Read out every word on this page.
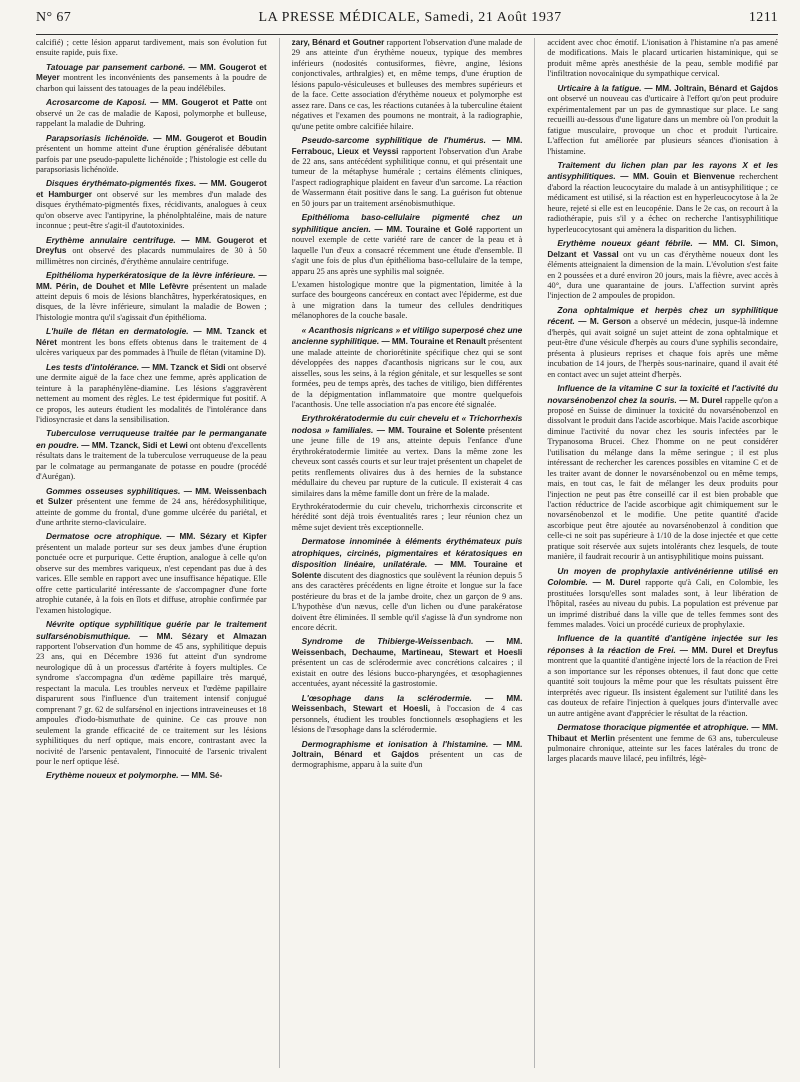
N° 67	LA PRESSE MÉDICALE, Samedi, 21 Août 1937	1211

calcifié) ; cette lésion apparut tardivement, mais son évolution fut ensuite rapide, puis fixe.

Tatouage par pansement carboné. — MM. Gougerot et Meyer montrent les inconvénients des pansements à la poudre de charbon qui laissent des tatouages de la peau indélébiles.

Acrosarcome de Kaposi. — MM. Gougerot et Patte ont observé un 2e cas de maladie de Kaposi, polymorphe et bulleuse, rappelant la maladie de Duhring.

Parapsoriasis lichénoïde. — MM. Gougerot et Boudin présentent un homme atteint d'une éruption généralisée débutant parfois par une pseudo-papulette lichénoïde ; l'histologie est celle du parapsoriasis lichénoïde.

Disques érythémato-pigmentés fixes. — MM. Gougerot et Hamburger ont observé sur les membres d'un malade des disques érythémato-pigmentés fixes, récidivants, analogues à ceux qu'on observe avec l'antipyrine, la phénolphtaléine, mais de nature inconnue ; peut-être s'agit-il d'autotoxinides.

Erythème annulaire centrifuge. — MM. Gougerot et Dreyfus ont observé des placards nummulaires de 30 à 50 millimètres non circinés, d'érythème annulaire centrifuge.

Epithélioma hyperkératosique de la lèvre inférieure. — MM. Périn, de Douhet et Mlle Lefèvre présentent un malade atteint depuis 6 mois de lésions blanchâtres, hyperkératosiques, en disques, de la lèvre inférieure, simulant la maladie de Bowen ; l'histologie montra qu'il s'agissait d'un épithélioma.

L'huile de flétan en dermatologie. — MM. Tzanck et Néret montrent les bons effets obtenus dans le traitement de 4 ulcères variqueux par des pommades à l'huile de flétan (vitamine D).

Les tests d'intolérance. — MM. Tzanck et Sidi ont observé une dermite aiguë de la face chez une femme, après application de teinture à la paraphénylène-diamine. Les lésions s'aggravèrent nettement au moment des règles. Le test épidermique fut positif. A ce propos, les auteurs étudient les modalités de l'intolérance dans l'idiosyncrasie et dans la sensibilisation.

Tuberculose verruqueuse traitée par le permanganate en poudre. — MM. Tzanck, Sidi et Lewi ont obtenu d'excellents résultats dans le traitement de la tuberculose verruqueuse de la peau par le colmatage au permanganate de potasse en poudre (procédé d'Aurégan).

Gommes osseuses syphilitiques. — MM. Weissenbach et Sulzer présentent une femme de 24 ans, hérédosyphilitique, atteinte de gomme du frontal, d'une gomme ulcérée du pariétal, et d'une arthrite sterno-claviculaire.

Dermatose ocre atrophique. — MM. Sézary et Kipfer présentent un malade porteur sur ses deux jambes d'une éruption ponctuée ocre et purpurique. Cette éruption, analogue à celle qu'on observe sur des membres variqueux, n'est cependant pas due à des varices. Elle semble en rapport avec une insuffisance hépatique. Elle offre cette particularité intéressante de s'accompagner d'une forte atrophie cutanée, à la fois en îlots et diffuse, atrophie confirmée par l'examen histologique.

Névrite optique syphilitique guérie par le traitement sulfarsénobismuthique. — MM. Sézary et Almazan rapportent l'observation d'un homme de 45 ans, syphilitique depuis 23 ans, qui en Décembre 1936 fut atteint d'un syndrome neurologique dû à un processus d'artérite à foyers multiples. Ce syndrome s'accompagna d'un œdème papillaire très marqué, respectant la macula. Les troubles nerveux et l'œdème papillaire disparurent sous l'influence d'un traitement intensif conjugué comprenant 7 gr. 62 de sulfarsénol en injections intraveineuses et 18 ampoules d'iodo-bismuthate de quinine. Ce cas prouve non seulement la grande efficacité de ce traitement sur les lésions syphilitiques du nerf optique, mais encore, contrastant avec la nocivité de l'arsenic pentavalent, l'innocuité de l'arsenic trivalent pour le nerf optique lésé.

Erythème noueux et polymorphe. — MM. Sé-

zary, Bénard et Goutner rapportent l'observation d'une malade de 29 ans atteinte d'un érythème noueux, typique des membres inférieurs (nodosités contusiformes, fièvre, angine, lésions conjonctivales, arthralgies) et, en même temps, d'une éruption de lésions papulo-vésiculeuses et bulleuses des membres supérieurs et de la face. Cette association d'érythème noueux et polymorphe est assez rare. Dans ce cas, les réactions cutanées à la tuberculine étaient négatives et l'examen des poumons ne montrait, à la radiographie, qu'une petite ombre calcifiée hilaire.

Pseudo-sarcome syphilitique de l'humérus. — MM. Ferrabouc, Lieux et Veyssi rapportent l'observation d'un Arabe de 22 ans, sans antécédent syphilitique connu, et qui présentait une tumeur de la métaphyse humérale ; certains éléments cliniques, l'aspect radiographique plaident en faveur d'un sarcome. La réaction de Wassermann était positive dans le sang. La guérison fut obtenue en 50 jours par un traitement arsénobismuthique.

Epithélioma baso-cellulaire pigmenté chez un syphilitique ancien. — MM. Touraine et Golé rapportent un nouvel exemple de cette variété rare de cancer de la peau et à laquelle l'un d'eux a consacré récemment une étude d'ensemble. Il s'agit une fois de plus d'un épithélioma baso-cellulaire de la tempe, apparu 25 ans après une syphilis mal soignée.

L'examen histologique montre que la pigmentation, limitée à la surface des bourgeons cancéreux en contact avec l'épiderme, est due à une migration dans la tumeur des cellules dendritiques mélanophores de la couche basale.

« Acanthosis nigricans » et vitiligo superposé chez une ancienne syphilitique. — MM. Touraine et Renault présentent une malade atteinte de choriorétinite spécifique chez qui se sont développées des nappes d'acanthosis nigricans sur le cou, aux aisselles, sous les seins, à la région génitale, et sur lesquelles se sont formées, peu de temps après, des taches de vitiligo, bien différentes de la dépigmentation inflammatoire que montre quelquefois l'acanthosis. Une telle association n'a pas encore été signalée.

Erythrokératodermie du cuir chevelu et « Trichorrhexis nodosa » familiales. — MM. Touraine et Solente présentent une jeune fille de 19 ans, atteinte depuis l'enfance d'une érythrokératodermie limitée au vertex. Dans la même zone les cheveux sont cassés courts et sur leur trajet présentent un chapelet de petits renflements olivaires dus à des hernies de la substance médullaire du cheveu par rupture de la cuticule. Il existerait 4 cas similaires dans la même famille dont un frère de la malade.

Erythrokératodermie du cuir chevelu, trichorrhexis circonscrite et hérédité sont déjà trois éventualités rares ; leur réunion chez un même sujet devient très exceptionnelle.

Dermatose innominée à éléments érythémateux puis atrophiques, circinés, pigmentaires et kératosiques en disposition linéaire, unilatérale. — MM. Touraine et Solente discutent des diagnostics que soulèvent la réunion depuis 5 ans des caractères précédents en ligne étroite et longue sur la face postérieure du bras et de la jambe droite, chez un garçon de 9 ans. L'hypothèse d'un nævus, celle d'un lichen ou d'une parakératose doivent être éliminées. Il semble qu'il s'agisse là d'un syndrome non encore décrit.

Syndrome de Thibierge-Weissenbach. — MM. Weissenbach, Dechaume, Martineau, Stewart et Hoesli présentent un cas de sclérodermie avec concrétions calcaires ; il existait en outre des lésions bucco-pharyngées, et œsophagiennes accentuées, ayant nécessité la gastrostomie.

L'œsophage dans la sclérodermie. — MM. Weissenbach, Stewart et Hoesli, à l'occasion de 4 cas personnels, étudient les troubles fonctionnels œsophagiens et les lésions de l'œsophage dans la sclérodermie.

Dermographisme et ionisation à l'histamine. — MM. Joltrain, Bénard et Gajdos présentent un cas de dermographisme, apparu à la suite d'un

accident avec choc émotif. L'ionisation à l'histamine n'a pas amené de modifications. Mais le placard urticarien histaminique, qui se produit même après anesthésie de la peau, semble modifié par l'infiltration novocaïnique du sympathique cervical.

Urticaire à la fatigue. — MM. Joltrain, Bénard et Gajdos ont observé un nouveau cas d'urticaire à l'effort qu'on peut produire expérimentalement par un pas de gymnastique sur place. Le sang recueilli au-dessous d'une ligature dans un membre où l'on produit la fatigue musculaire, provoque un choc et produit l'urticaire. L'affection fut améliorée par plusieurs séances d'ionisation à l'histamine.

Traitement du lichen plan par les rayons X et les antisyphilitiques. — MM. Gouin et Bienvenue recherchent d'abord la réaction leucocytaire du malade à un antisyphilitique ; ce médicament est utilisé, si la réaction est en hyperleucocytose à la 2e heure, rejeté si elle est en leucopénie. Dans le 2e cas, on recourt à la radiothérapie, puis s'il y a échec on recherche l'antisyphilitique hyperleucocytosant qui amènera la disparition du lichen.

Erythème noueux géant fébrile. — MM. Cl. Simon, Delzant et Vassal ont vu un cas d'érythème noueux dont les éléments atteignaient la dimension de la main. L'évolution s'est faite en 2 poussées et a duré environ 20 jours, mais la fièvre, avec accès à 40°, dura une quarantaine de jours. L'affection survint après l'injection de 2 ampoules de propidon.

Zona ophtalmique et herpès chez un syphilitique récent. — M. Gerson a observé un médecin, jusque-là indemne d'herpès, qui avait soigné un sujet atteint de zona ophtalmique et peut-être d'une vésicule d'herpès au cours d'une syphilis secondaire, présenta à plusieurs reprises et chaque fois après une même incubation de 14 jours, de l'herpès sous-narinaire, quand il avait été en contact avec un sujet atteint d'herpès.

Influence de la vitamine C sur la toxicité et l'activité du novarsénobenzol chez la souris. — M. Durel rappelle qu'on a proposé en Suisse de diminuer la toxicité du novarsénobenzol en dissolvant le produit dans l'acide ascorbique. Mais l'acide ascorbique diminue l'activité du novar chez les souris infectées par le Trypanosoma Brucei. Chez l'homme on ne peut considérer l'utilisation du mélange dans la même seringue ; il est plus intéressant de rechercher les carences possibles en vitamine C et de les traiter avant de donner le novarsénobenzol ou en même temps, mais, en tout cas, le fait de mélanger les deux produits pour l'injection ne peut pas être conseillé car il est bien probable que l'action réductrice de l'acide ascorbique agit chimiquement sur le novarsénobenzol et le modifie. Une petite quantité d'acide ascorbique peut être ajoutée au novarsénobenzol à condition que celle-ci ne soit pas supérieure à 1/10 de la dose injectée et que cette pratique soit réservée aux sujets intolérants chez lesquels, de toute manière, il faudrait recourir à un antisyphilitique moins puissant.

Un moyen de prophylaxie antivénérienne utilisé en Colombie. — M. Durel rapporte qu'à Cali, en Colombie, les prostituées lorsqu'elles sont malades sont, à leur libération de l'hôpital, rasées au niveau du pubis. La population est prévenue par un imprimé distribué dans la ville que de telles femmes sont des femmes malades. Voici un procédé curieux de prophylaxie.

Influence de la quantité d'antigène injectée sur les réponses à la réaction de Frei. — MM. Durel et Dreyfus montrent que la quantité d'antigène injecté lors de la réaction de Frei a son importance sur les réponses obtenues, il faut donc que cette quantité soit toujours la même pour que les résultats puissent être interprétés avec rigueur. Ils insistent également sur l'utilité dans les cas douteux de refaire l'injection à quelques jours d'intervalle avec un autre antigène avant d'apprécier le résultat de la réaction.

Dermatose thoracique pigmentée et atrophique. — MM. Thibaut et Merlin présentent une femme de 63 ans, tuberculeuse pulmonaire chronique, atteinte sur les faces latérales du tronc de larges placards mauve lilacé, peu infiltrés, légè-
